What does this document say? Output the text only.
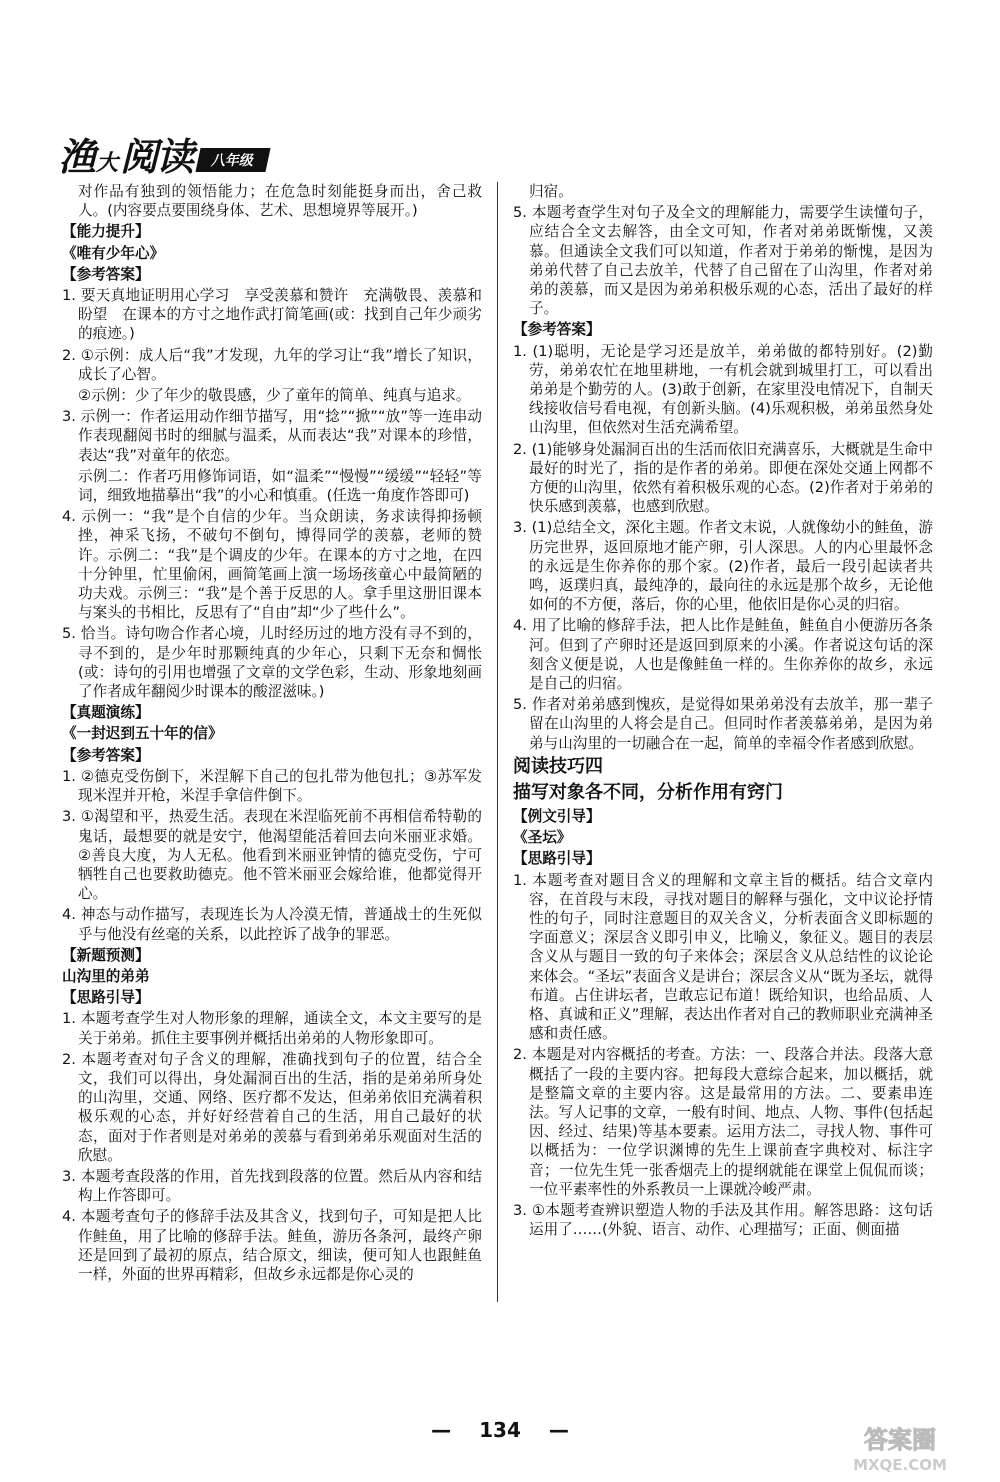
渔 大 阅读	八年级

对作品有独到的领悟能力；在危急时刻能挺身而出，舍己救人。(内容要点要围绕身体、艺术、思想境界等展开。)

【能力提升】

《唯有少年心》

【参考答案】

1. 要天真地证明用心学习　享受羡慕和赞许　充满敬畏、羡慕和盼望　在课本的方寸之地作武打简笔画(或：找到自己年少顽劣的痕迹。)

2. ①示例：成人后“我”才发现，九年的学习让“我”增长了知识，成长了心智。

②示例：少了年少的敬畏感，少了童年的简单、纯真与追求。

3. 示例一：作者运用动作细节描写，用“捻”“掀”“放”等一连串动作表现翻阅书时的细腻与温柔，从而表达“我”对课本的珍惜，表达“我”对童年的依恋。

示例二：作者巧用修饰词语，如“温柔”“慢慢”“缓缓”“轻轻”等词，细致地描摹出“我”的小心和慎重。(任选一角度作答即可)

4. 示例一：“我”是个自信的少年。当众朗读，务求读得抑扬顿挫，神采飞扬，不破句不倒句，博得同学的羡慕，老师的赞许。示例二：“我”是个调皮的少年。在课本的方寸之地，在四十分钟里，忙里偷闲，画简笔画上演一场场孩童心中最简陋的功夫戏。示例三：“我”是个善于反思的人。拿手里这册旧课本与案头的书相比，反思有了“自由”却“少了些什么”。

5. 恰当。诗句吻合作者心境，儿时经历过的地方没有寻不到的，寻不到的，是少年时那颗纯真的少年心，只剩下无奈和惆怅(或：诗句的引用也增强了文章的文学色彩，生动、形象地刻画了作者成年翻阅少时课本的酸涩滋味。)

【真题演练】

《一封迟到五十年的信》

【参考答案】

1. ②德克受伤倒下，米涅解下自己的包扎带为他包扎；③苏军发现米涅并开枪，米涅手拿信件倒下。

3. ①渴望和平，热爱生活。表现在米涅临死前不再相信希特勒的鬼话，最想要的就是安宁，他渴望能活着回去向米丽亚求婚。②善良大度，为人无私。他看到米丽亚钟情的德克受伤，宁可牺牲自己也要救助德克。他不管米丽亚会嫁给谁，他都觉得开心。

4. 神态与动作描写，表现连长为人冷漠无情，普通战士的生死似乎与他没有丝毫的关系，以此控诉了战争的罪恶。

【新题预测】

山沟里的弟弟

【思路引导】

1. 本题考查学生对人物形象的理解，通读全文，本文主要写的是关于弟弟。抓住主要事例并概括出弟弟的人物形象即可。

2. 本题考查对句子含义的理解，准确找到句子的位置，结合全文，我们可以得出，身处漏洞百出的生活，指的是弟弟所身处的山沟里，交通、网络、医疗都不发达，但弟弟依旧充满着积极乐观的心态，并好好经营着自己的生活，用自己最好的状态，面对于作者则是对弟弟的羡慕与看到弟弟乐观面对生活的欣慰。

3. 本题考查段落的作用，首先找到段落的位置。然后从内容和结构上作答即可。

4. 本题考查句子的修辞手法及其含义，找到句子，可知是把人比作鲑鱼，用了比喻的修辞手法。鲑鱼，游历各条河，最终产卵还是回到了最初的原点，结合原文，细读，便可知人也跟鲑鱼一样，外面的世界再精彩，但故乡永远都是你心灵的

归宿。

5. 本题考查学生对句子及全文的理解能力，需要学生读懂句子，应结合全文去解答，由全文可知，作者对弟弟既惭愧，又羡慕。但通读全文我们可以知道，作者对于弟弟的惭愧，是因为弟弟代替了自己去放羊，代替了自己留在了山沟里，作者对弟弟的羡慕，而又是因为弟弟积极乐观的心态，活出了最好的样子。

【参考答案】

1. (1)聪明，无论是学习还是放羊，弟弟做的都特别好。(2)勤劳，弟弟农忙在地里耕地，一有机会就到城里打工，可以看出弟弟是个勤劳的人。(3)敢于创新，在家里没电情况下，自制天线接收信号看电视，有创新头脑。(4)乐观积极，弟弟虽然身处山沟里，但依然对生活充满希望。

2. (1)能够身处漏洞百出的生活而依旧充满喜乐，大概就是生命中最好的时光了，指的是作者的弟弟。即便在深处交通上网都不方便的山沟里，依然有着积极乐观的心态。(2)作者对于弟弟的快乐感到羡慕，也感到欣慰。

3. (1)总结全文，深化主题。作者文末说，人就像幼小的鲑鱼，游历完世界，返回原地才能产卵，引人深思。人的内心里最怀念的永远是生你养你的那个家。(2)作者，最后一段引起读者共鸣，返璞归真，最纯净的，最向往的永远是那个故乡，无论他如何的不方便，落后，你的心里，他依旧是你心灵的归宿。

4. 用了比喻的修辞手法，把人比作是鲑鱼，鲑鱼自小便游历各条河。但到了产卵时还是返回到原来的小溪。作者说这句话的深刻含义便是说，人也是像鲑鱼一样的。生你养你的故乡，永远是自己的归宿。

5. 作者对弟弟感到愧疚，是觉得如果弟弟没有去放羊，那一辈子留在山沟里的人将会是自己。但同时作者羡慕弟弟，是因为弟弟与山沟里的一切融合在一起，简单的幸福令作者感到欣慰。

阅读技巧四

描写对象各不同，分析作用有窍门

【例文引导】

《圣坛》

【思路引导】

1. 本题考查对题目含义的理解和文章主旨的概括。结合文章内容，在首段与末段，寻找对题目的解释与强化，文中议论抒情性的句子，同时注意题目的双关含义，分析表面含义即标题的字面意义；深层含义即引申义，比喻义，象征义。题目的表层含义从与题目一致的句子来体会；深层含义从总结性的议论论来体会。“圣坛”表面含义是讲台；深层含义从“既为圣坛，就得布道。占住讲坛者，岂敢忘记布道！既给知识，也给品质、人格、真诚和正义”理解，表达出作者对自己的教师职业充满神圣感和责任感。

2. 本题是对内容概括的考查。方法：一、段落合并法。段落大意概括了一段的主要内容。把每段大意综合起来，加以概括，就是整篇文章的主要内容。这是最常用的方法。二、要素串连法。写人记事的文章，一般有时间、地点、人物、事件(包括起因、经过、结果)等基本要素。运用方法二，寻找人物、事件可以概括为：一位学识渊博的先生上课前查字典校对、标注字音；一位先生凭一张香烟壳上的提纲就能在课堂上侃侃而谈；一位平素率性的外系教员一上课就冷峻严肃。

3. ①本题考查辨识塑造人物的手法及其作用。解答思路：这句话运用了……(外貌、语言、动作、心理描写；正面、侧面描

— 134 —	答案圈
MXQE.COM
